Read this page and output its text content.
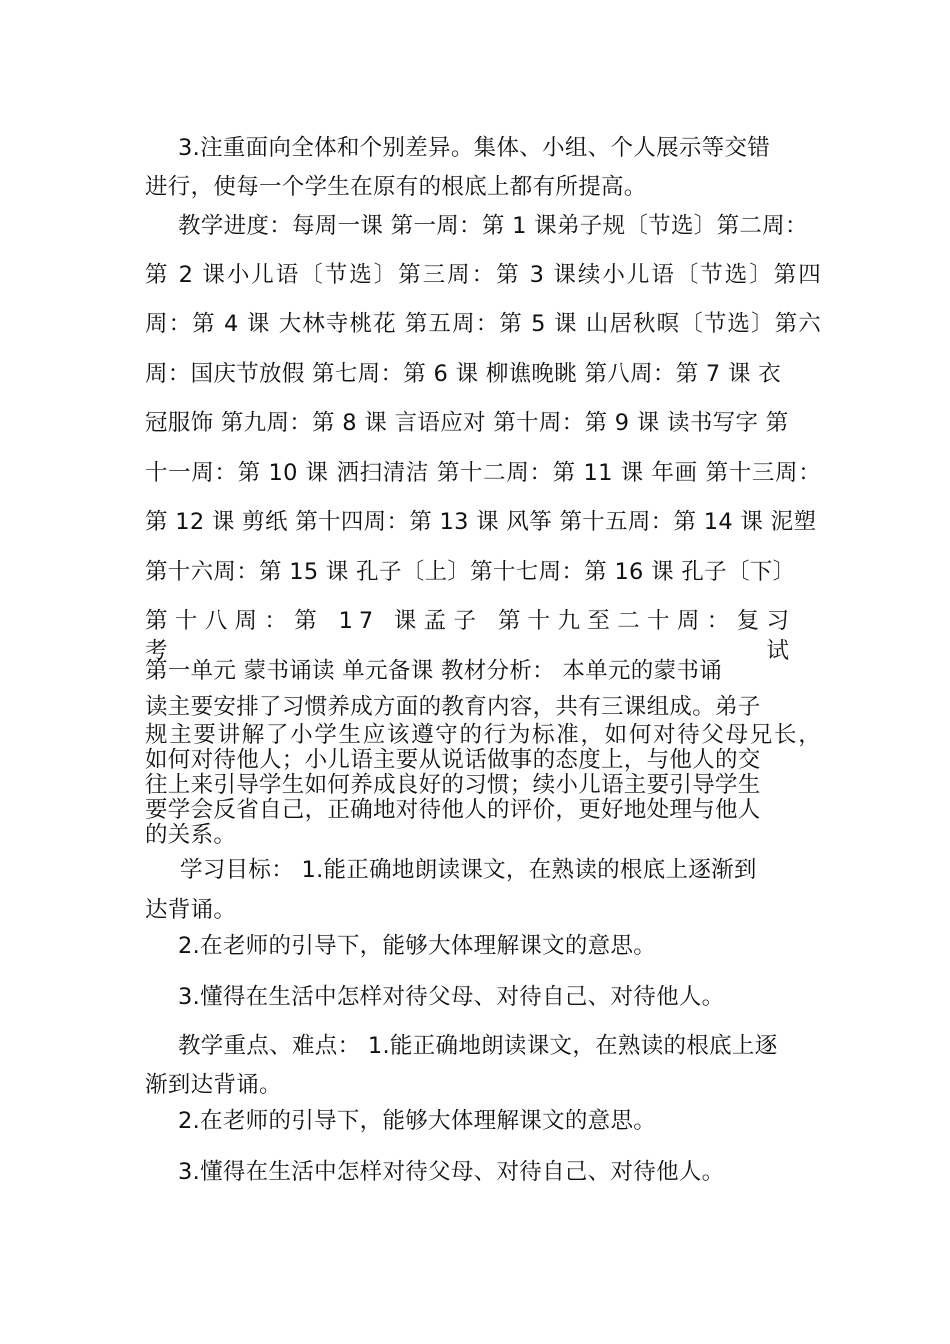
3.注重面向全体和个别差异。集体、小组、个人展示等交错
进行，使每一个学生在原有的根底上都有所提高。
教学进度：每周一课 第一周：第 1 课弟子规〔节选〕第二周：
第 2 课小儿语〔节选〕第三周：第 3 课续小儿语〔节选〕第四
周：第 4 课 大林寺桃花 第五周：第 5 课 山居秋暝〔节选〕第六
周：国庆节放假 第七周：第 6 课 柳谯晚眺 第八周：第 7 课 衣
冠服饰 第九周：第 8 课 言语应对 第十周：第 9 课 读书写字 第
十一周：第 10 课 洒扫清洁 第十二周：第 11 课 年画 第十三周：
第 12 课 剪纸 第十四周：第 13 课 风筝 第十五周：第 14 课 泥塑
第十六周：第 15 课 孔子〔上〕第十七周：第 16 课 孔子〔下〕
第十八周：第 17 课孟子 第十九至二十周：复习考试
第一单元 蒙书诵读 单元备课 教材分析： 本单元的蒙书诵
读主要安排了习惯养成方面的教育内容，共有三课组成。弟子
规主要讲解了小学生应该遵守的行为标准，如何对待父母兄长，
如何对待他人；小儿语主要从说话做事的态度上，与他人的交
往上来引导学生如何养成良好的习惯；续小儿语主要引导学生
要学会反省自己，正确地对待他人的评价，更好地处理与他人
的关系。
学习目标： 1.能正确地朗读课文，在熟读的根底上逐渐到
达背诵。
2.在老师的引导下，能够大体理解课文的意思。
3.懂得在生活中怎样对待父母、对待自己、对待他人。
教学重点、难点： 1.能正确地朗读课文，在熟读的根底上逐
渐到达背诵。
2.在老师的引导下，能够大体理解课文的意思。
3.懂得在生活中怎样对待父母、对待自己、对待他人。
